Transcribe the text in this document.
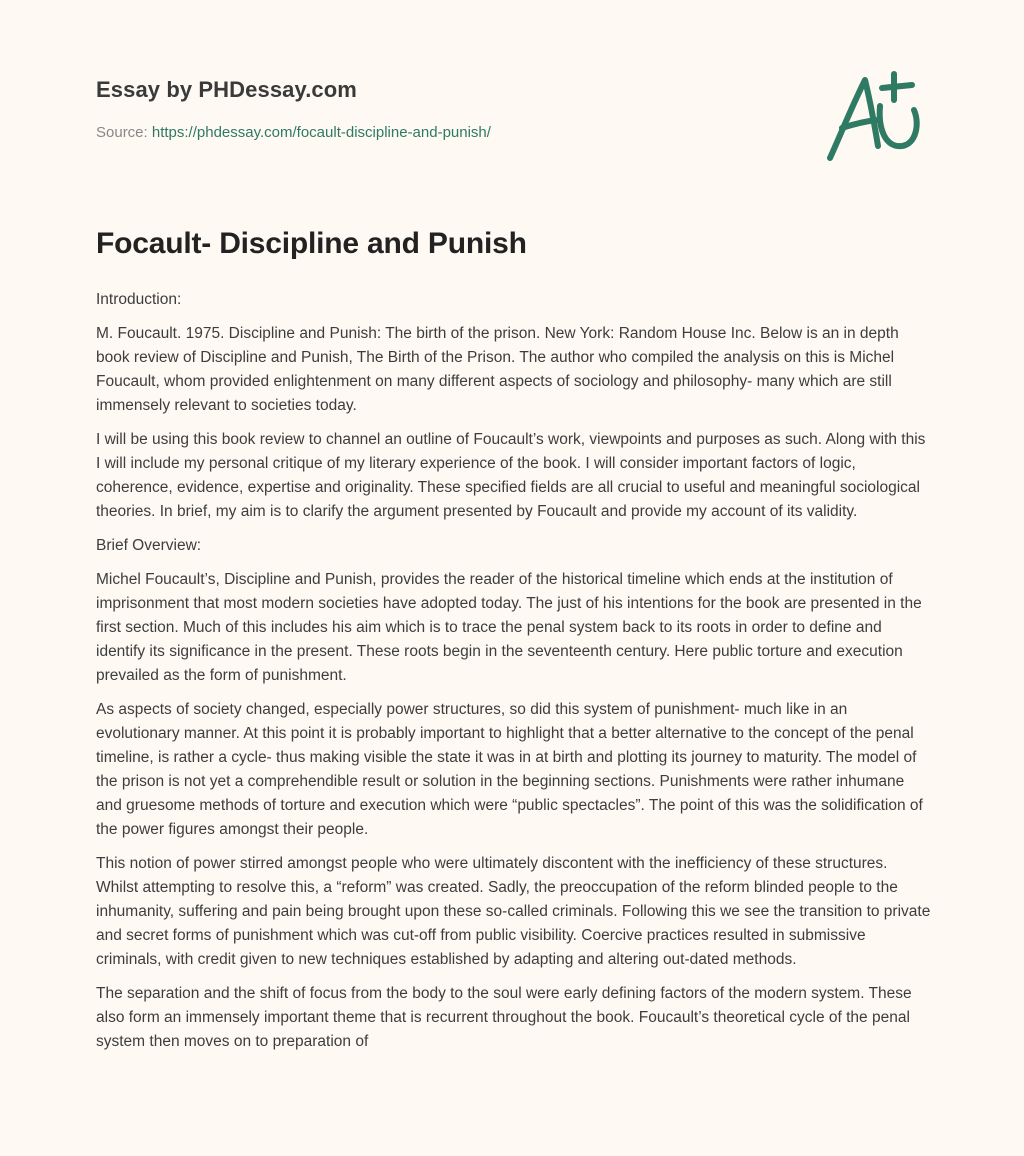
Essay by PHDessay.com
Source: https://phdessay.com/focault-discipline-and-punish/
Focault- Discipline and Punish

Introduction:

M. Foucault. 1975. Discipline and Punish: The birth of the prison. New York: Random House Inc. Below is an in depth book review of Discipline and Punish, The Birth of the Prison. The author who compiled the analysis on this is Michel Foucault, whom provided enlightenment on many different aspects of sociology and philosophy- many which are still immensely relevant to societies today.

I will be using this book review to channel an outline of Foucault’s work, viewpoints and purposes as such. Along with this I will include my personal critique of my literary experience of the book. I will consider important factors of logic, coherence, evidence, expertise and originality. These specified fields are all crucial to useful and meaningful sociological theories. In brief, my aim is to clarify the argument presented by Foucault and provide my account of its validity.

Brief Overview:

Michel Foucault’s, Discipline and Punish, provides the reader of the historical timeline which ends at the institution of imprisonment that most modern societies have adopted today. The just of his intentions for the book are presented in the first section. Much of this includes his aim which is to trace the penal system back to its roots in order to define and identify its significance in the present. These roots begin in the seventeenth century. Here public torture and execution prevailed as the form of punishment.

As aspects of society changed, especially power structures, so did this system of punishment- much like in an evolutionary manner. At this point it is probably important to highlight that a better alternative to the concept of the penal timeline, is rather a cycle- thus making visible the state it was in at birth and plotting its journey to maturity. The model of the prison is not yet a comprehendible result or solution in the beginning sections. Punishments were rather inhumane and gruesome methods of torture and execution which were “public spectacles”. The point of this was the solidification of the power figures amongst their people.

This notion of power stirred amongst people who were ultimately discontent with the inefficiency of these structures. Whilst attempting to resolve this, a “reform” was created. Sadly, the preoccupation of the reform blinded people to the inhumanity, suffering and pain being brought upon these so-called criminals. Following this we see the transition to private and secret forms of punishment which was cut-off from public visibility. Coercive practices resulted in submissive criminals, with credit given to new techniques established by adapting and altering out-dated methods.

The separation and the shift of focus from the body to the soul were early defining factors of the modern system. These also form an immensely important theme that is recurrent throughout the book. Foucault’s theoretical cycle of the penal system then moves on to preparation of
